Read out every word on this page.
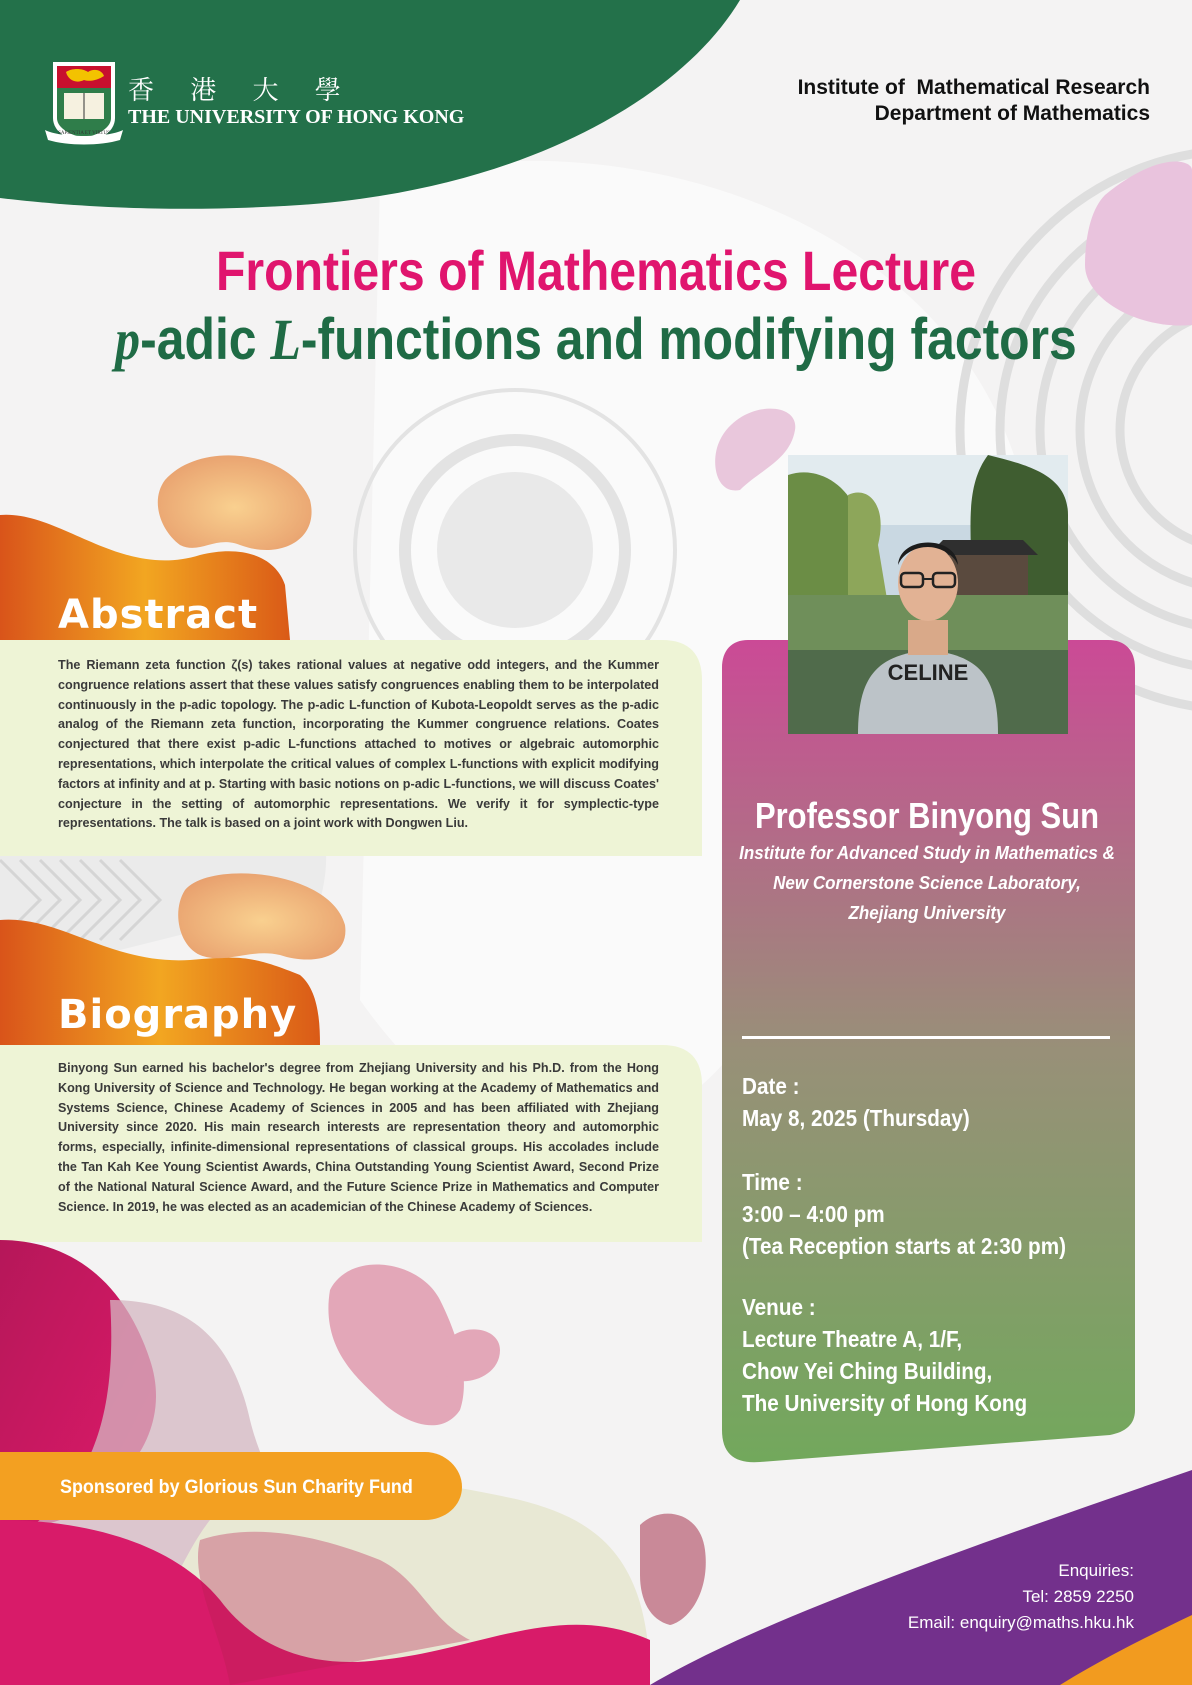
香 港 大 學
THE UNIVERSITY OF HONG KONG
SAPIENTIA ET VIRTUS
Institute of  Mathematical Research
Department of Mathematics
Frontiers of Mathematics Lecture
p-adic L-functions and modifying factors
Abstract
The Riemann zeta function ζ(s) takes rational values at negative odd integers, and the Kummer congruence relations assert that these values satisfy congruences enabling them to be interpolated continuously in the p-adic topology. The p-adic L-function of Kubota-Leopoldt serves as the p-adic analog of the Riemann zeta function, incorporating the Kummer congruence relations. Coates conjectured that there exist p-adic L-functions attached to motives or algebraic automorphic representations, which interpolate the critical values of complex L-functions with explicit modifying factors at infinity and at p. Starting with basic notions on p-adic L-functions, we will discuss Coates' conjecture in the setting of automorphic representations. We verify it for symplectic-type representations. The talk is based on a joint work with Dongwen Liu.
Biography
Binyong Sun earned his bachelor's degree from Zhejiang University and his Ph.D. from the Hong Kong University of Science and Technology. He began working at the Academy of Mathematics and Systems Science, Chinese Academy of Sciences in 2005 and has been affiliated with Zhejiang University since 2020. His main research interests are representation theory and automorphic forms, especially, infinite-dimensional representations of classical groups. His accolades include the Tan Kah Kee Young Scientist Awards, China Outstanding Young Scientist Award, Second Prize of the National Natural Science Award, and the Future Science Prize in Mathematics and Computer Science. In 2019, he was elected as an academician of the Chinese Academy of Sciences.
CELINE
Professor Binyong Sun
Institute for Advanced Study in Mathematics &
New Cornerstone Science Laboratory,
Zhejiang University
Date :
May 8, 2025 (Thursday)
Time :
3:00 – 4:00 pm
(Tea Reception starts at 2:30 pm)
Venue :
Lecture Theatre A, 1/F,
Chow Yei Ching Building,
The University of Hong Kong
Sponsored by Glorious Sun Charity Fund
Enquiries:
Tel: 2859 2250
Email: enquiry@maths.hku.hk
